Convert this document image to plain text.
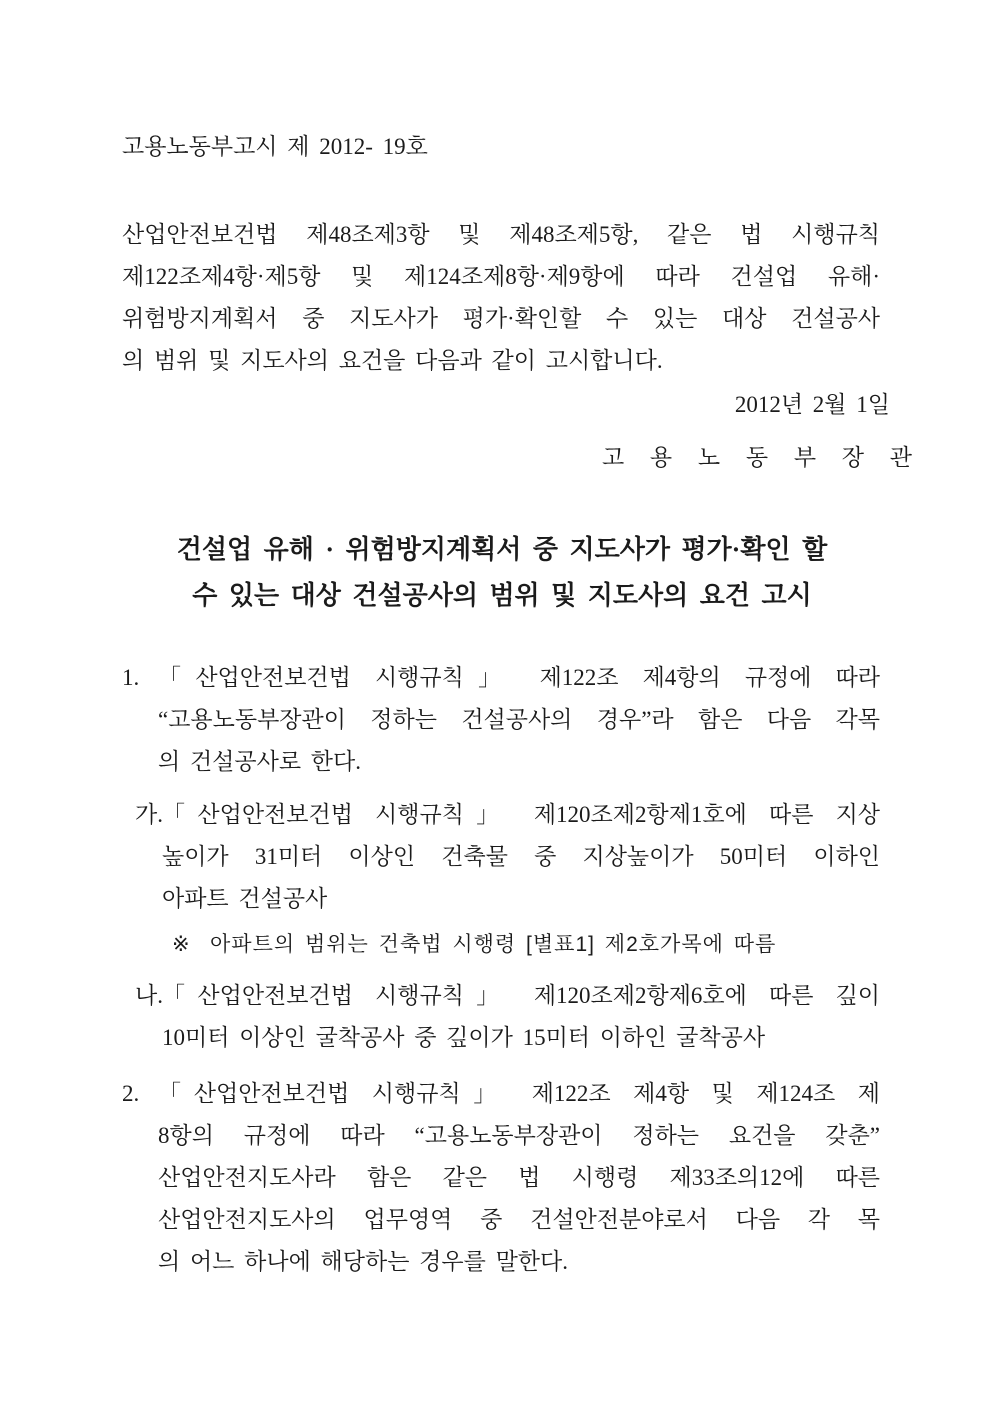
고용노동부고시 제 2012- 19호
산업안전보건법 제48조제3항 및 제48조제5항, 같은 법 시행규칙
제122조제4항·제5항 및 제124조제8항·제9항에 따라 건설업 유해·
위험방지계획서 중 지도사가 평가·확인할 수 있는 대상 건설공사
의 범위 및 지도사의 요건을 다음과 같이 고시합니다.
2012년 2월 1일
고 용 노 동 부 장 관
건설업 유해 · 위험방지계획서 중 지도사가 평가·확인 할
수 있는 대상 건설공사의 범위 및 지도사의 요건 고시
1. 「산업안전보건법 시행규칙」 제122조 제4항의 규정에 따라
“고용노동부장관이 정하는 건설공사의 경우”라 함은 다음 각목
의 건설공사로 한다.
가. 「산업안전보건법 시행규칙」 제120조제2항제1호에 따른 지상
높이가 31미터 이상인 건축물 중 지상높이가 50미터 이하인
아파트 건설공사
※ 아파트의 범위는 건축법 시행령 [별표1] 제2호가목에 따름
나. 「산업안전보건법 시행규칙」 제120조제2항제6호에 따른 깊이
10미터 이상인 굴착공사 중 깊이가 15미터 이하인 굴착공사
2. 「산업안전보건법 시행규칙」 제122조 제4항 및 제124조 제
8항의 규정에 따라 “고용노동부장관이 정하는 요건을 갖춘”
산업안전지도사라 함은 같은 법 시행령 제33조의12에 따른
산업안전지도사의 업무영역 중 건설안전분야로서 다음 각 목
의 어느 하나에 해당하는 경우를 말한다.
